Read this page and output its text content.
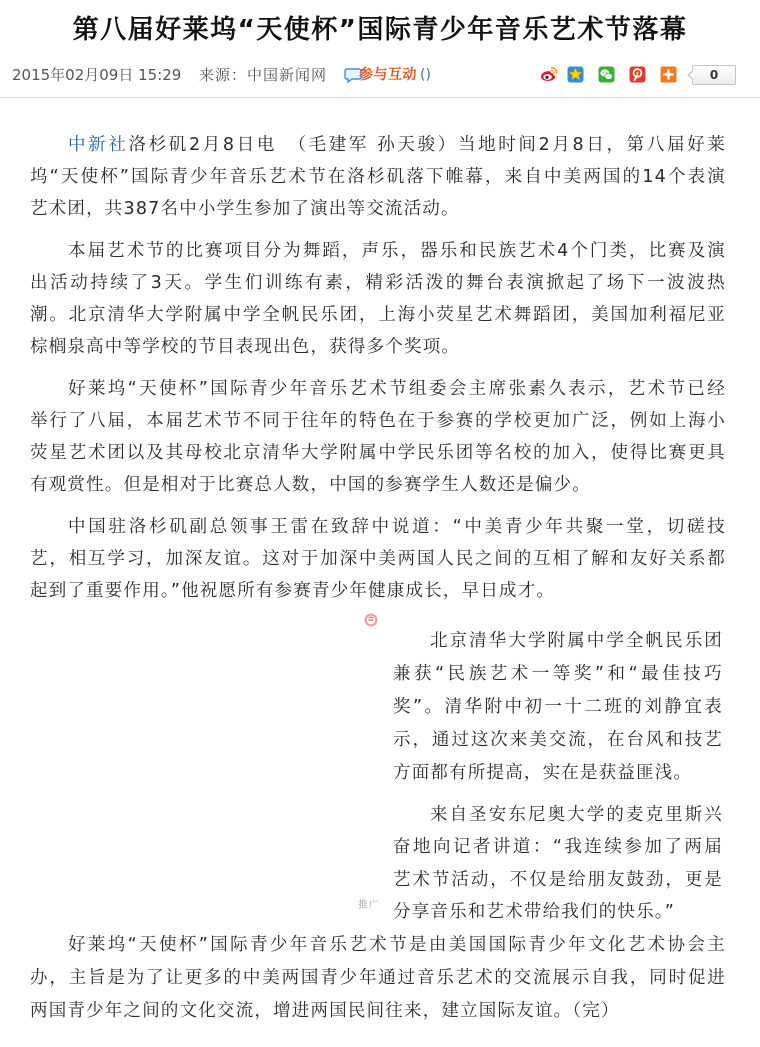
第八届好莱坞“天使杯”国际青少年音乐艺术节落幕
2015年02月09日 15:29 来源：中国新闻网 参与互动 ()	0
中新社洛杉矶2月8日电　（毛建军 孙天骏）当地时间2月8日，第八届好莱
坞“天使杯”国际青少年音乐艺术节在洛杉矶落下帷幕，来自中美两国的14个表演
艺术团，共387名中小学生参加了演出等交流活动。
本届艺术节的比赛项目分为舞蹈，声乐，器乐和民族艺术4个门类，比赛及演
出活动持续了3天。学生们训练有素，精彩活泼的舞台表演掀起了场下一波波热
潮。北京清华大学附属中学全帆民乐团，上海小荧星艺术舞蹈团，美国加利福尼亚
棕榈泉高中等学校的节目表现出色，获得多个奖项。
好莱坞“天使杯”国际青少年音乐艺术节组委会主席张素久表示，艺术节已经
举行了八届，本届艺术节不同于往年的特色在于参赛的学校更加广泛，例如上海小
荧星艺术团以及其母校北京清华大学附属中学民乐团等名校的加入，使得比赛更具
有观赏性。但是相对于比赛总人数，中国的参赛学生人数还是偏少。
中国驻洛杉矶副总领事王雷在致辞中说道：“中美青少年共聚一堂，切磋技
艺，相互学习，加深友谊。这对于加深中美两国人民之间的互相了解和友好关系都
起到了重要作用。”他祝愿所有参赛青少年健康成长，早日成才。
推广
北京清华大学附属中学全帆民乐团
兼获“民族艺术一等奖”和“最佳技巧
奖”。清华附中初一十二班的刘静宜表
示，通过这次来美交流，在台风和技艺
方面都有所提高，实在是获益匪浅。
来自圣安东尼奥大学的麦克里斯兴
奋地向记者讲道：“我连续参加了两届
艺术节活动，不仅是给朋友鼓劲，更是
分享音乐和艺术带给我们的快乐。”
好莱坞“天使杯”国际青少年音乐艺术节是由美国国际青少年文化艺术协会主
办，主旨是为了让更多的中美两国青少年通过音乐艺术的交流展示自我，同时促进
两国青少年之间的文化交流，增进两国民间往来，建立国际友谊。（完）
